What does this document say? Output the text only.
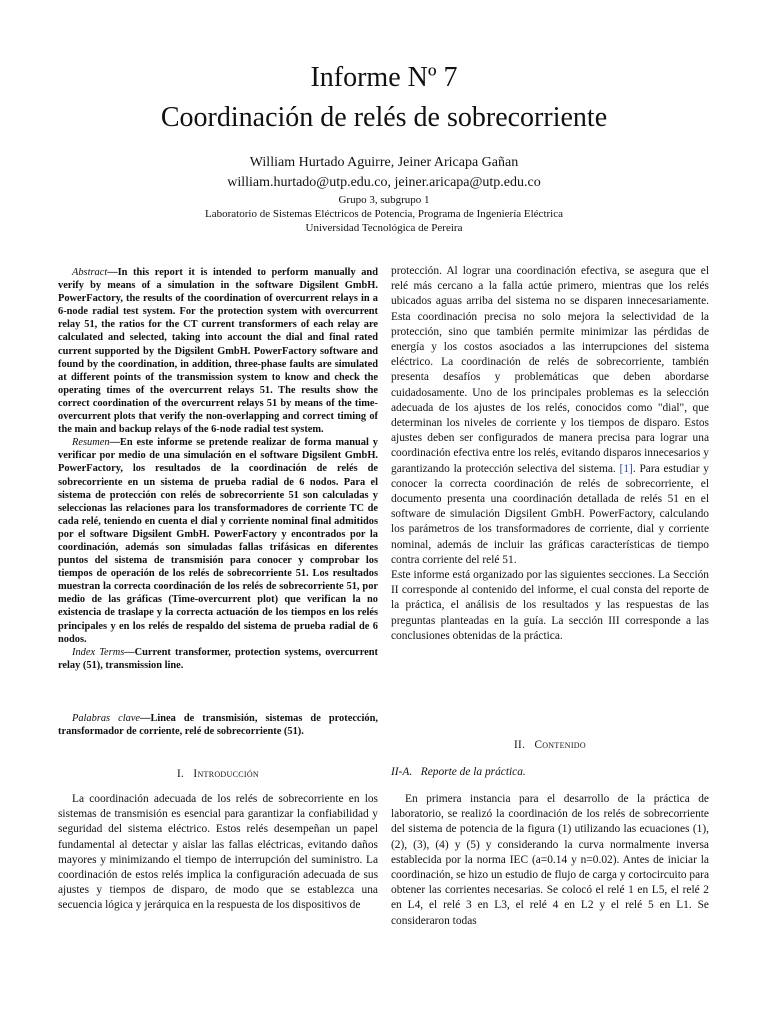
Informe Nº 7
Coordinación de relés de sobrecorriente
William Hurtado Aguirre, Jeiner Aricapa Gañan
william.hurtado@utp.edu.co, jeiner.aricapa@utp.edu.co
Grupo 3, subgrupo 1
Laboratorio de Sistemas Eléctricos de Potencia, Programa de Ingeniería Eléctrica
Universidad Tecnológica de Pereira

Abstract—In this report it is intended to perform manually and verify by means of a simulation in the software Digsilent GmbH. PowerFactory, the results of the coordination of overcurrent relays in a 6-node radial test system. For the protection system with overcurrent relay 51, the ratios for the CT current transformers of each relay are calculated and selected, taking into account the dial and final rated current supported by the Digsilent GmbH. PowerFactory software and found by the coordination, in addition, three-phase faults are simulated at different points of the transmission system to know and check the operating times of the overcurrent relays 51. The results show the correct coordination of the overcurrent relays 51 by means of the time-overcurrent plots that verify the non-overlapping and correct timing of the main and backup relays of the 6-node radial test system.

Resumen—En este informe se pretende realizar de forma manual y verificar por medio de una simulación en el software Digsilent GmbH. PowerFactory, los resultados de la coordinación de relés de sobrecorriente en un sistema de prueba radial de 6 nodos. Para el sistema de protección con relés de sobrecorriente 51 son calculadas y seleccionas las relaciones para los transformadores de corriente TC de cada relé, teniendo en cuenta el dial y corriente nominal final admitidos por el software Digsilent GmbH. PowerFactory y encontrados por la coordinación, además son simuladas fallas trifásicas en diferentes puntos del sistema de transmisión para conocer y comprobar los tiempos de operación de los relés de sobrecorriente 51. Los resultados muestran la correcta coordinación de los relés de sobrecorriente 51, por medio de las gráficas (Time-overcurrent plot) que verifican la no existencia de traslape y la correcta actuación de los tiempos en los relés principales y en los relés de respaldo del sistema de prueba radial de 6 nodos.

Index Terms—Current transformer, protection systems, overcurrent relay (51), transmission line.

Palabras clave—Linea de transmisión, sistemas de protección, transformador de corriente, relé de sobrecorriente (51).

I. Introducción

La coordinación adecuada de los relés de sobrecorriente en los sistemas de transmisión es esencial para garantizar la confiabilidad y seguridad del sistema eléctrico. Estos relés desempeñan un papel fundamental al detectar y aislar las fallas eléctricas, evitando daños mayores y minimizando el tiempo de interrupción del suministro. La coordinación de estos relés implica la configuración adecuada de sus ajustes y tiempos de disparo, de modo que se establezca una secuencia lógica y jerárquica en la respuesta de los dispositivos de

protección. Al lograr una coordinación efectiva, se asegura que el relé más cercano a la falla actúe primero, mientras que los relés ubicados aguas arriba del sistema no se disparen innecesariamente. Esta coordinación precisa no solo mejora la selectividad de la protección, sino que también permite minimizar las pérdidas de energía y los costos asociados a las interrupciones del sistema eléctrico. La coordinación de relés de sobrecorriente, también presenta desafíos y problemáticas que deben abordarse cuidadosamente. Uno de los principales problemas es la selección adecuada de los ajustes de los relés, conocidos como "dial", que determinan los niveles de corriente y los tiempos de disparo. Estos ajustes deben ser configurados de manera precisa para lograr una coordinación efectiva entre los relés, evitando disparos innecesarios y garantizando la protección selectiva del sistema. [1]. Para estudiar y conocer la correcta coordinación de relés de sobrecorriente, el documento presenta una coordinación detallada de relés 51 en el software de simulación Digsilent GmbH. PowerFactory, calculando los parámetros de los transformadores de corriente, dial y corriente nominal, además de incluir las gráficas características de tiempo contra corriente del relé 51.

Este informe está organizado por las siguientes secciones. La Sección II corresponde al contenido del informe, el cual consta del reporte de la práctica, el análisis de los resultados y las respuestas de las preguntas planteadas en la guía. La sección III corresponde a las conclusiones obtenidas de la práctica.

II. Contenido
II-A. Reporte de la práctica.

En primera instancia para el desarrollo de la práctica de laboratorio, se realizó la coordinación de los relés de sobrecorriente del sistema de potencia de la figura (1) utilizando las ecuaciones (1), (2), (3), (4) y (5) y considerando la curva normalmente inversa establecida por la norma IEC (a=0.14 y n=0.02). Antes de iniciar la coordinación, se hizo un estudio de flujo de carga y cortocircuito para obtener las corrientes necesarias. Se colocó el relé 1 en L5, el relé 2 en L4, el relé 3 en L3, el relé 4 en L2 y el relé 5 en L1. Se consideraron todas
